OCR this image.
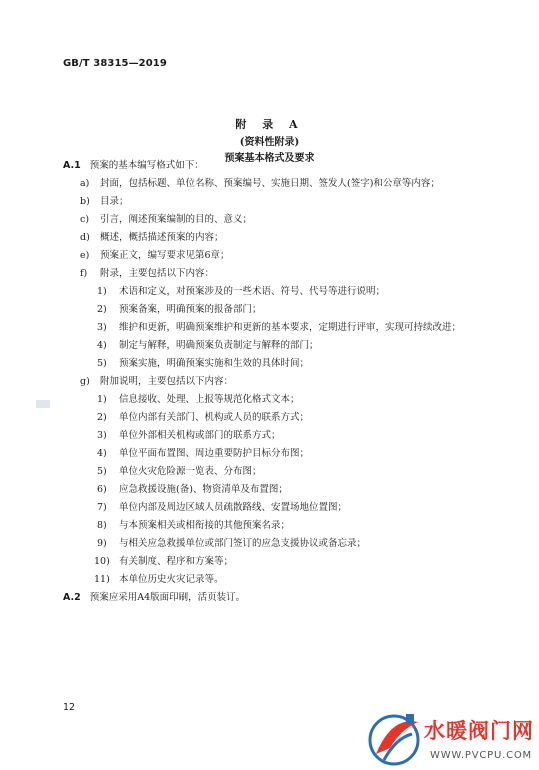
GB/T 38315—2019
附 录 A
(资料性附录)
预案基本格式及要求
A.1 预案的基本编写格式如下：
a) 封面，包括标题、单位名称、预案编号、实施日期、签发人(签字)和公章等内容；
b) 目录；
c) 引言，阐述预案编制的目的、意义；
d) 概述，概括描述预案的内容；
e) 预案正文，编写要求见第6章；
f) 附录，主要包括以下内容：
1) 术语和定义，对预案涉及的一些术语、符号、代号等进行说明；
2) 预案备案，明确预案的报备部门；
3) 维护和更新，明确预案维护和更新的基本要求，定期进行评审，实现可持续改进；
4) 制定与解释，明确预案负责制定与解释的部门；
5) 预案实施，明确预案实施和生效的具体时间；
g) 附加说明，主要包括以下内容：
1) 信息接收、处理、上报等规范化格式文本；
2) 单位内部有关部门、机构或人员的联系方式；
3) 单位外部相关机构或部门的联系方式；
4) 单位平面布置图、周边重要防护目标分布图；
5) 单位火灾危险源一览表、分布图；
6) 应急救援设施(备)、物资清单及布置图；
7) 单位内部及周边区域人员疏散路线、安置场地位置图；
8) 与本预案相关或相衔接的其他预案名录；
9) 与相关应急救援单位或部门签订的应急支援协议或备忘录；
10) 有关制度、程序和方案等；
11) 本单位历史火灾记录等。
A.2 预案应采用A4版面印刷，活页装订。
12
水暖阀门网
WWW.PVCPU.COM
